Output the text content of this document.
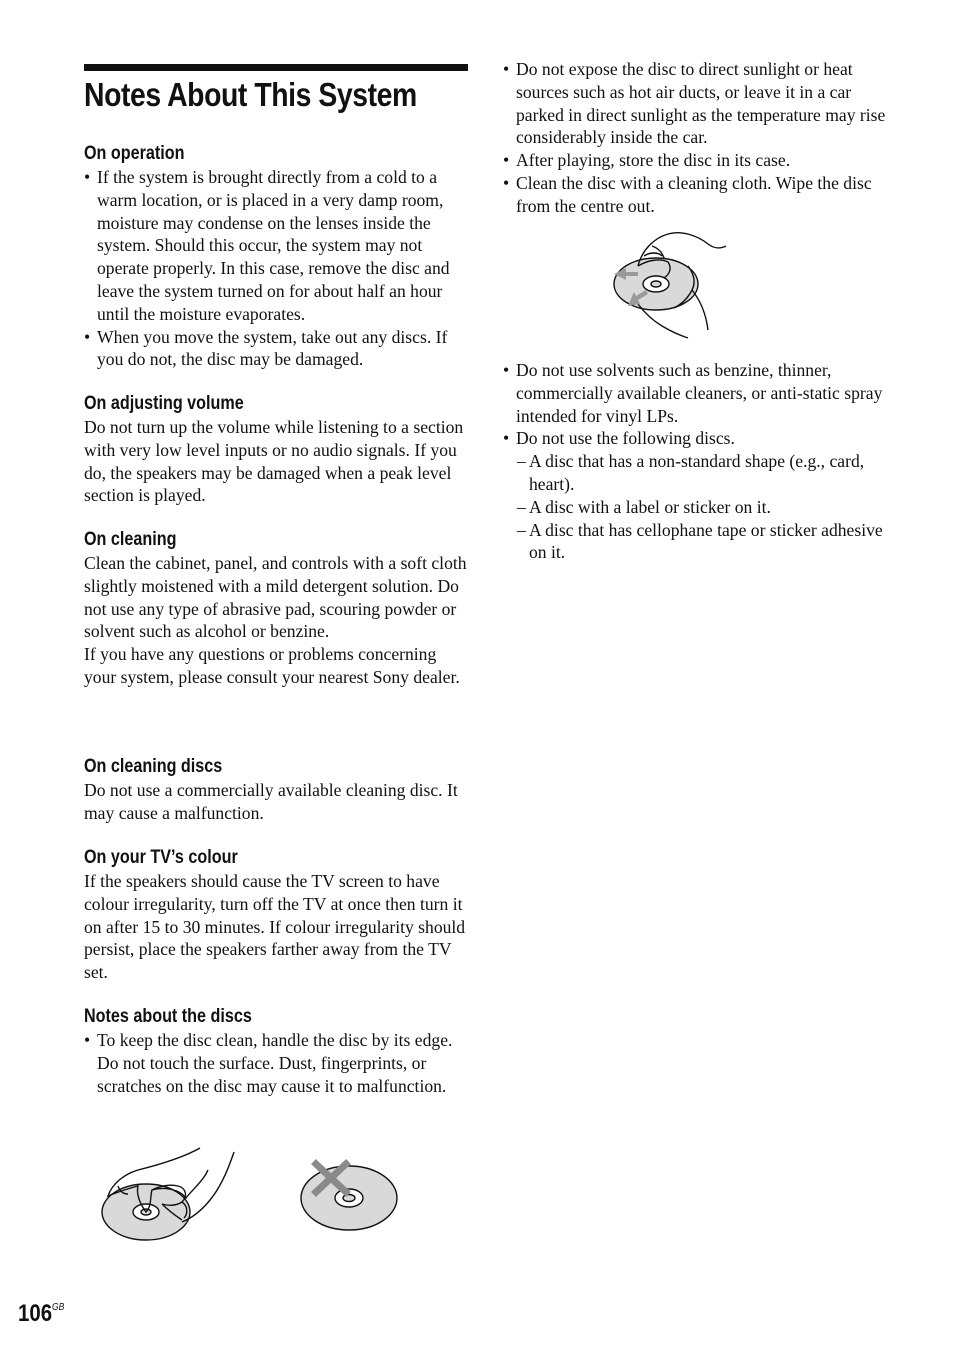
Notes About This System
On operation
• If the system is brought directly from a cold to a warm location, or is placed in a very damp room, moisture may condense on the lenses inside the system. Should this occur, the system may not operate properly. In this case, remove the disc and leave the system turned on for about half an hour until the moisture evaporates.
• When you move the system, take out any discs. If you do not, the disc may be damaged.
On adjusting volume

Do not turn up the volume while listening to a section with very low level inputs or no audio signals. If you do, the speakers may be damaged when a peak level section is played.

On cleaning

Clean the cabinet, panel, and controls with a soft cloth slightly moistened with a mild detergent solution. Do not use any type of abrasive pad, scouring powder or solvent such as alcohol or benzine.

If you have any questions or problems concerning your system, please consult your nearest Sony dealer.

On cleaning discs

Do not use a commercially available cleaning disc. It may cause a malfunction.

On your TV’s colour

If the speakers should cause the TV screen to have colour irregularity, turn off the TV at once then turn it on after 15 to 30 minutes. If colour irregularity should persist, place the speakers farther away from the TV set.

Notes about the discs
• To keep the disc clean, handle the disc by its edge. Do not touch the surface. Dust, fingerprints, or scratches on the disc may cause it to malfunction.
• Do not expose the disc to direct sunlight or heat sources such as hot air ducts, or leave it in a car parked in direct sunlight as the temperature may rise considerably inside the car.
• After playing, store the disc in its case.
• Clean the disc with a cleaning cloth. Wipe the disc from the centre out.
• Do not use solvents such as benzine, thinner, commercially available cleaners, or anti-static spray intended for vinyl LPs.
• Do not use the following discs.
– A disc that has a non-standard shape (e.g., card, heart).
– A disc with a label or sticker on it.
– A disc that has cellophane tape or sticker adhesive on it.
$106^{GB}$
